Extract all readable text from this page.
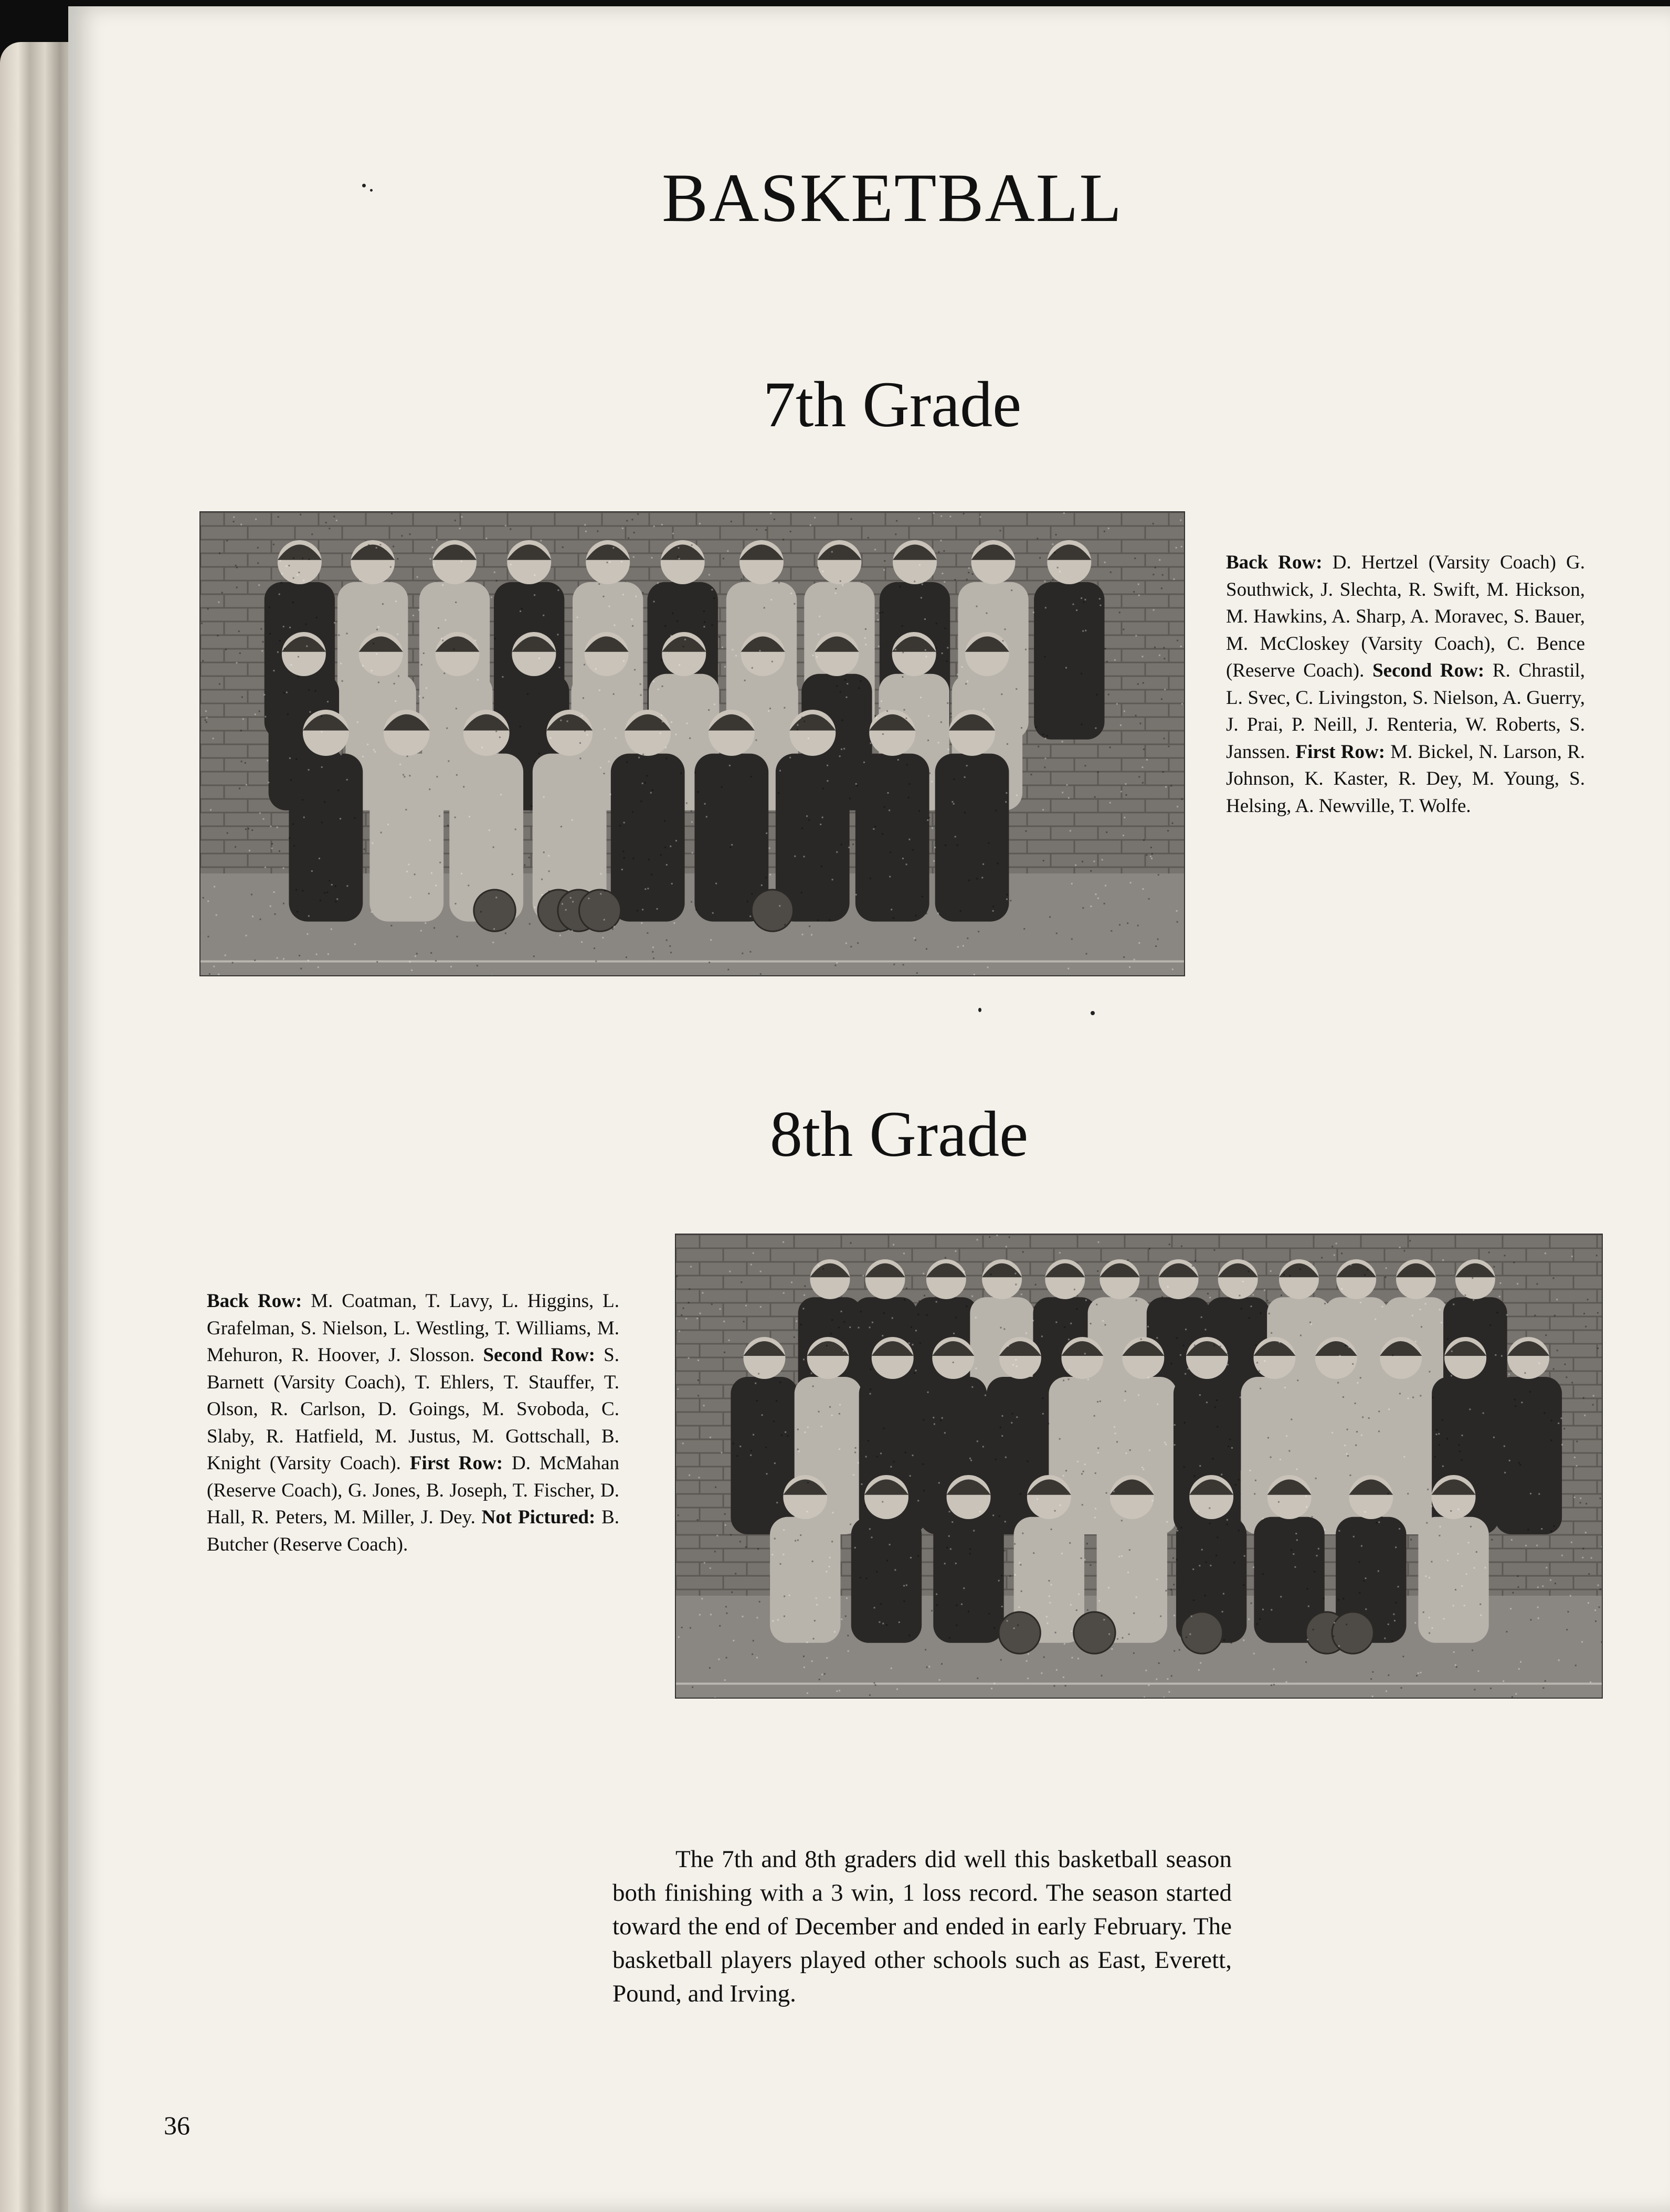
BASKETBALL
7th Grade

Back Row: D. Hertzel (Varsity Coach) G. Southwick, J. Slechta, R. Swift, M. Hickson, M. Hawkins, A. Sharp, A. Moravec, S. Bauer, M. McCloskey (Varsity Coach), C. Bence (Reserve Coach). Second Row: R. Chrastil, L. Svec, C. Livingston, S. Nielson, A. Guerry, J. Prai, P. Neill, J. Renteria, W. Roberts, S. Janssen. First Row: M. Bickel, N. Larson, R. Johnson, K. Kaster, R. Dey, M. Young, S. Helsing, A. Newville, T. Wolfe.

8th Grade

Back Row: M. Coatman, T. Lavy, L. Higgins, L. Grafelman, S. Nielson, L. Westling, T. Williams, M. Mehuron, R. Hoover, J. Slosson. Second Row: S. Barnett (Varsity Coach), T. Ehlers, T. Stauffer, T. Olson, R. Carlson, D. Goings, M. Svoboda, C. Slaby, R. Hatfield, M. Justus, M. Gottschall, B. Knight (Varsity Coach). First Row: D. McMahan (Reserve Coach), G. Jones, B. Joseph, T. Fischer, D. Hall, R. Peters, M. Miller, J. Dey. Not Pictured: B. Butcher (Reserve Coach).

The 7th and 8th graders did well this basketball season both finishing with a 3 win, 1 loss record. The season started toward the end of December and ended in early February. The basketball players played other schools such as East, Everett, Pound, and Irving.

36
